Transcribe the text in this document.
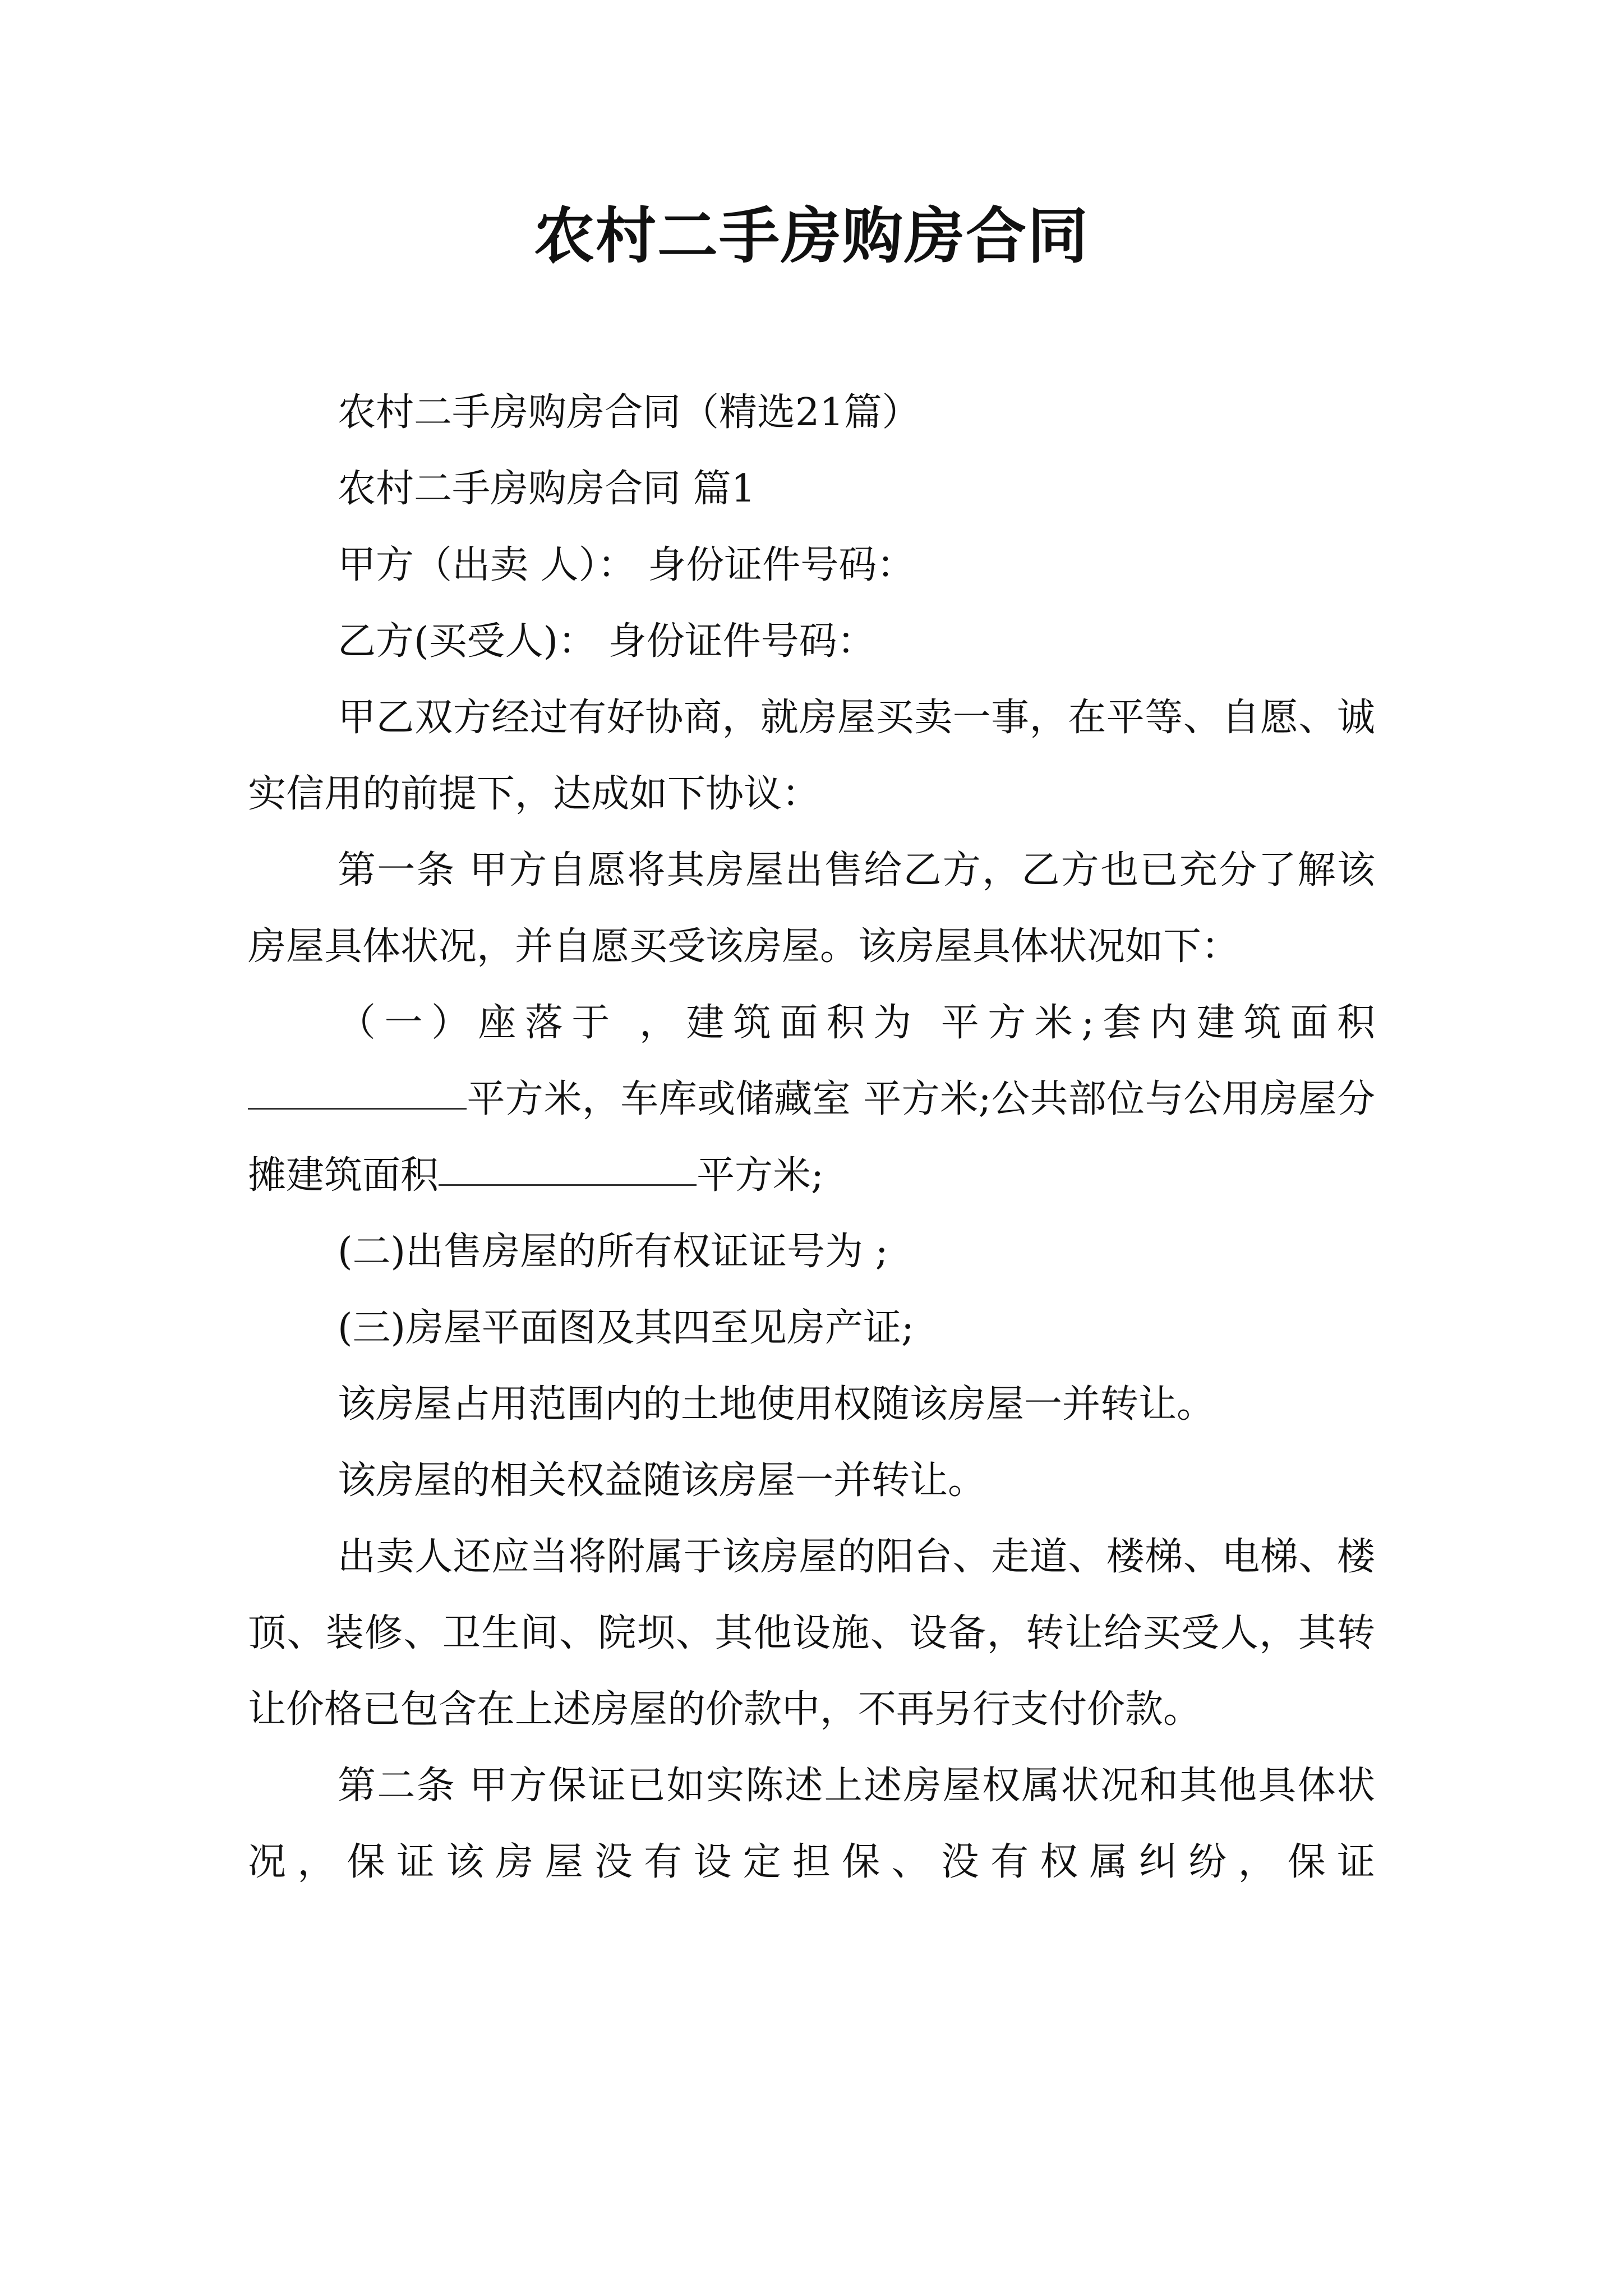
农村二手房购房合同

农村二手房购房合同（精选21篇）

农村二手房购房合同 篇1

甲方（出卖 人）： 身份证件号码：

乙方(买受人)： 身份证件号码：

甲乙双方经过有好协商，就房屋买卖一事，在平等、自愿、诚实信用的前提下，达成如下协议：

第一条 甲方自愿将其房屋出售给乙方，乙方也已充分了解该房屋具体状况，并自愿买受该房屋。该房屋具体状况如下：

（一）座落于 ，建筑面积为 平方米;套内建筑面积平方米，车库或储藏室 平方米;公共部位与公用房屋分摊建筑面积	平方米;

(二)出售房屋的所有权证证号为 ;

(三)房屋平面图及其四至见房产证;

该房屋占用范围内的土地使用权随该房屋一并转让。

该房屋的相关权益随该房屋一并转让。

出卖人还应当将附属于该房屋的阳台、走道、楼梯、电梯、楼顶、装修、卫生间、院坝、其他设施、设备，转让给买受人，其转让价格已包含在上述房屋的价款中，不再另行支付价款。

第二条 甲方保证已如实陈述上述房屋权属状况和其他具体状况，保证该房屋没有设定担保、没有权属纠纷，保证
